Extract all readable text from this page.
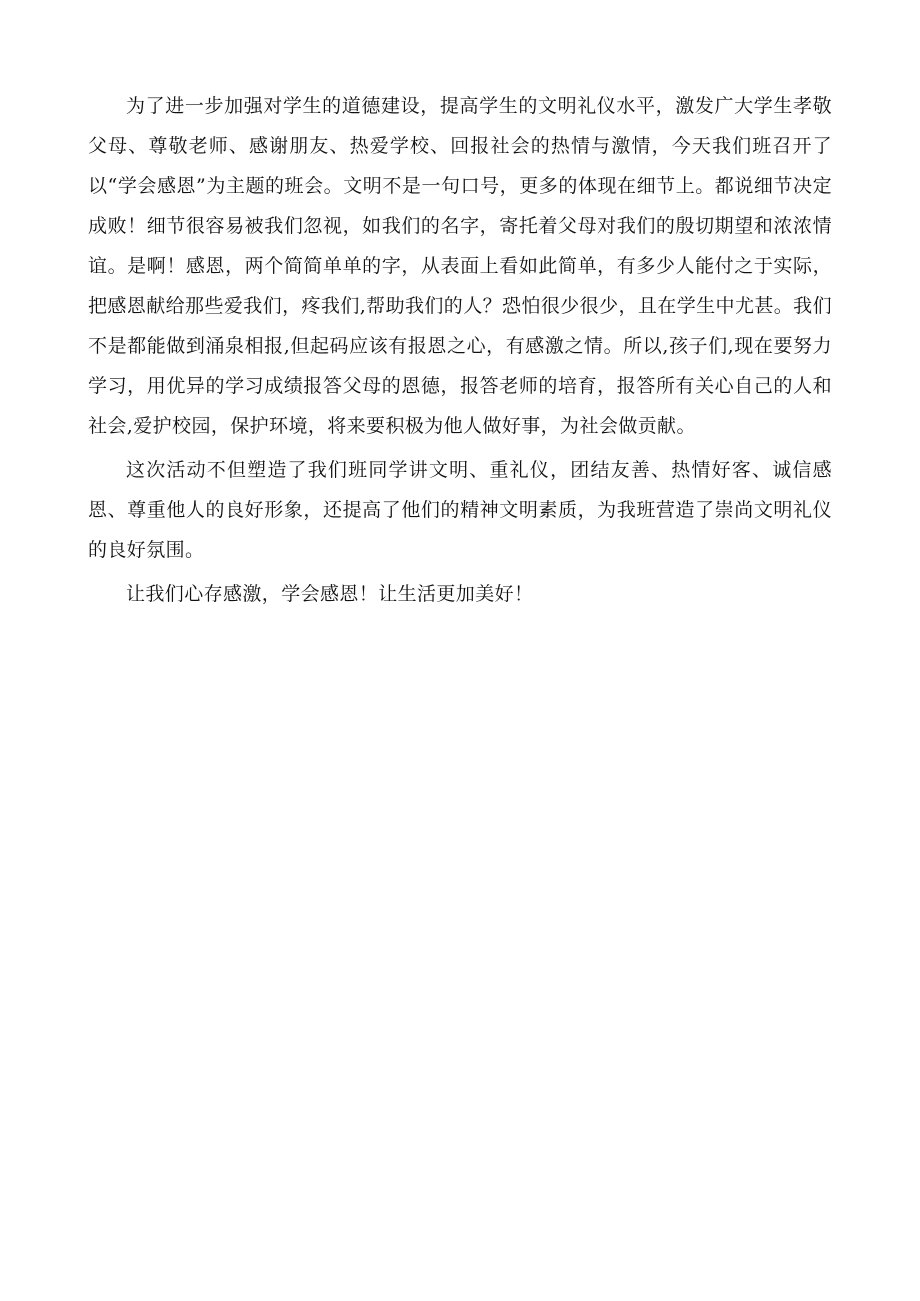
为了进一步加强对学生的道德建设，提高学生的文明礼仪水平，激发广大学生孝敬父母、尊敬老师、感谢朋友、热爱学校、回报社会的热情与激情，今天我们班召开了以“学会感恩”为主题的班会。文明不是一句口号，更多的体现在细节上。都说细节决定成败！细节很容易被我们忽视，如我们的名字，寄托着父母对我们的殷切期望和浓浓情谊。是啊！感恩，两个简简单单的字，从表面上看如此简单，有多少人能付之于实际，把感恩献给那些爱我们，疼我们,帮助我们的人？恐怕很少很少，且在学生中尤甚。我们不是都能做到涌泉相报,但起码应该有报恩之心，有感激之情。所以,孩子们,现在要努力学习，用优异的学习成绩报答父母的恩德，报答老师的培育，报答所有关心自己的人和社会,爱护校园，保护环境，将来要积极为他人做好事，为社会做贡献。

这次活动不但塑造了我们班同学讲文明、重礼仪，团结友善、热情好客、诚信感恩、尊重他人的良好形象，还提高了他们的精神文明素质，为我班营造了崇尚文明礼仪的良好氛围。

让我们心存感激，学会感恩！让生活更加美好！
